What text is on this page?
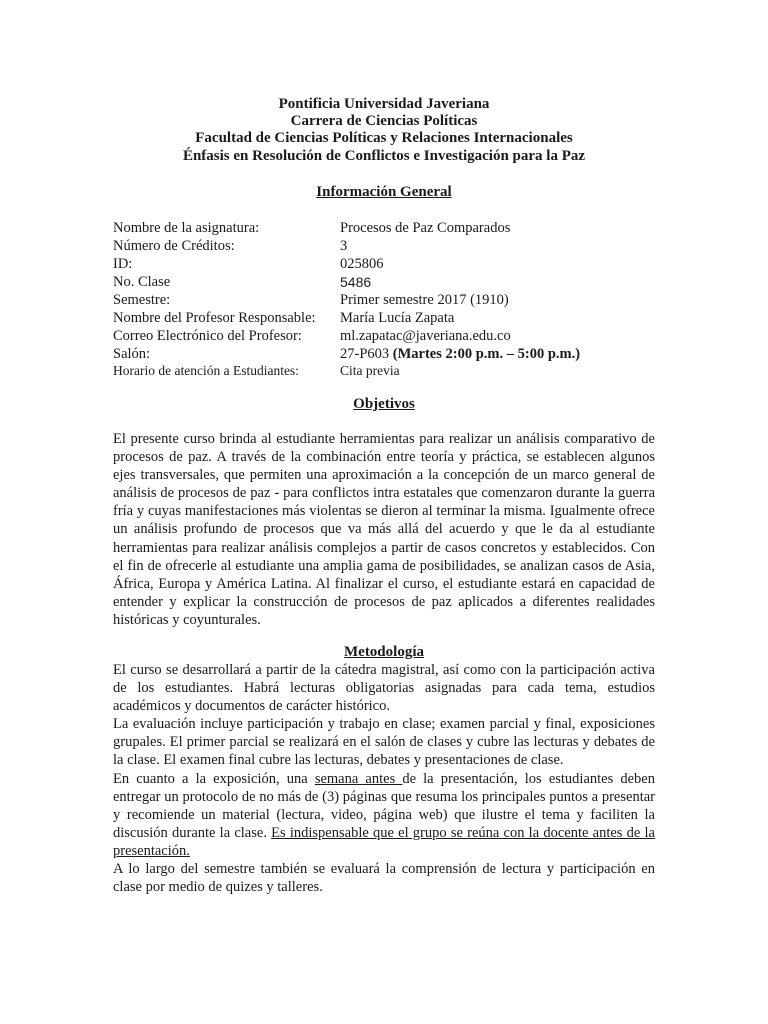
Pontificia Universidad Javeriana
Carrera de Ciencias Políticas
Facultad de Ciencias Políticas y Relaciones Internacionales
Énfasis en Resolución de Conflictos e Investigación para la Paz
Información General
Nombre de la asignatura:	Procesos de Paz Comparados
Número de Créditos:	3
ID:	025806
No. Clase	5486
Semestre:	Primer semestre 2017 (1910)
Nombre del Profesor Responsable: María Lucía Zapata
Correo Electrónico del Profesor:	ml.zapatac@javeriana.edu.co
Salón:	27-P603 (Martes 2:00 p.m. – 5:00 p.m.)
Horario de atención a Estudiantes:	Cita previa
Objetivos
El presente curso brinda al estudiante herramientas para realizar un análisis comparativo de procesos de paz. A través de la combinación entre teoría y práctica, se establecen algunos ejes transversales, que permiten una aproximación a la concepción de un marco general de análisis de procesos de paz - para conflictos intra estatales que comenzaron durante la guerra fría y cuyas manifestaciones más violentas se dieron al terminar la misma. Igualmente ofrece un análisis profundo de procesos que va más allá del acuerdo y que le da al estudiante herramientas para realizar análisis complejos a partir de casos concretos y establecidos. Con el fin de ofrecerle al estudiante una amplia gama de posibilidades, se analizan casos de Asia, África, Europa y América Latina. Al finalizar el curso, el estudiante estará en capacidad de entender y explicar la construcción de procesos de paz aplicados a diferentes realidades históricas y coyunturales.
Metodología
El curso se desarrollará a partir de la cátedra magistral, así como con la participación activa de los estudiantes. Habrá lecturas obligatorias asignadas para cada tema, estudios académicos y documentos de carácter histórico.
La evaluación incluye participación y trabajo en clase; examen parcial y final, exposiciones grupales. El primer parcial se realizará en el salón de clases y cubre las lecturas y debates de la clase. El examen final cubre las lecturas, debates y presentaciones de clase.
En cuanto a la exposición, una semana antes de la presentación, los estudiantes deben entregar un protocolo de no más de (3) páginas que resuma los principales puntos a presentar y recomiende un material (lectura, video, página web) que ilustre el tema y faciliten la discusión durante la clase. Es indispensable que el grupo se reúna con la docente antes de la presentación.
A lo largo del semestre también se evaluará la comprensión de lectura y participación en clase por medio de quizes y talleres.
